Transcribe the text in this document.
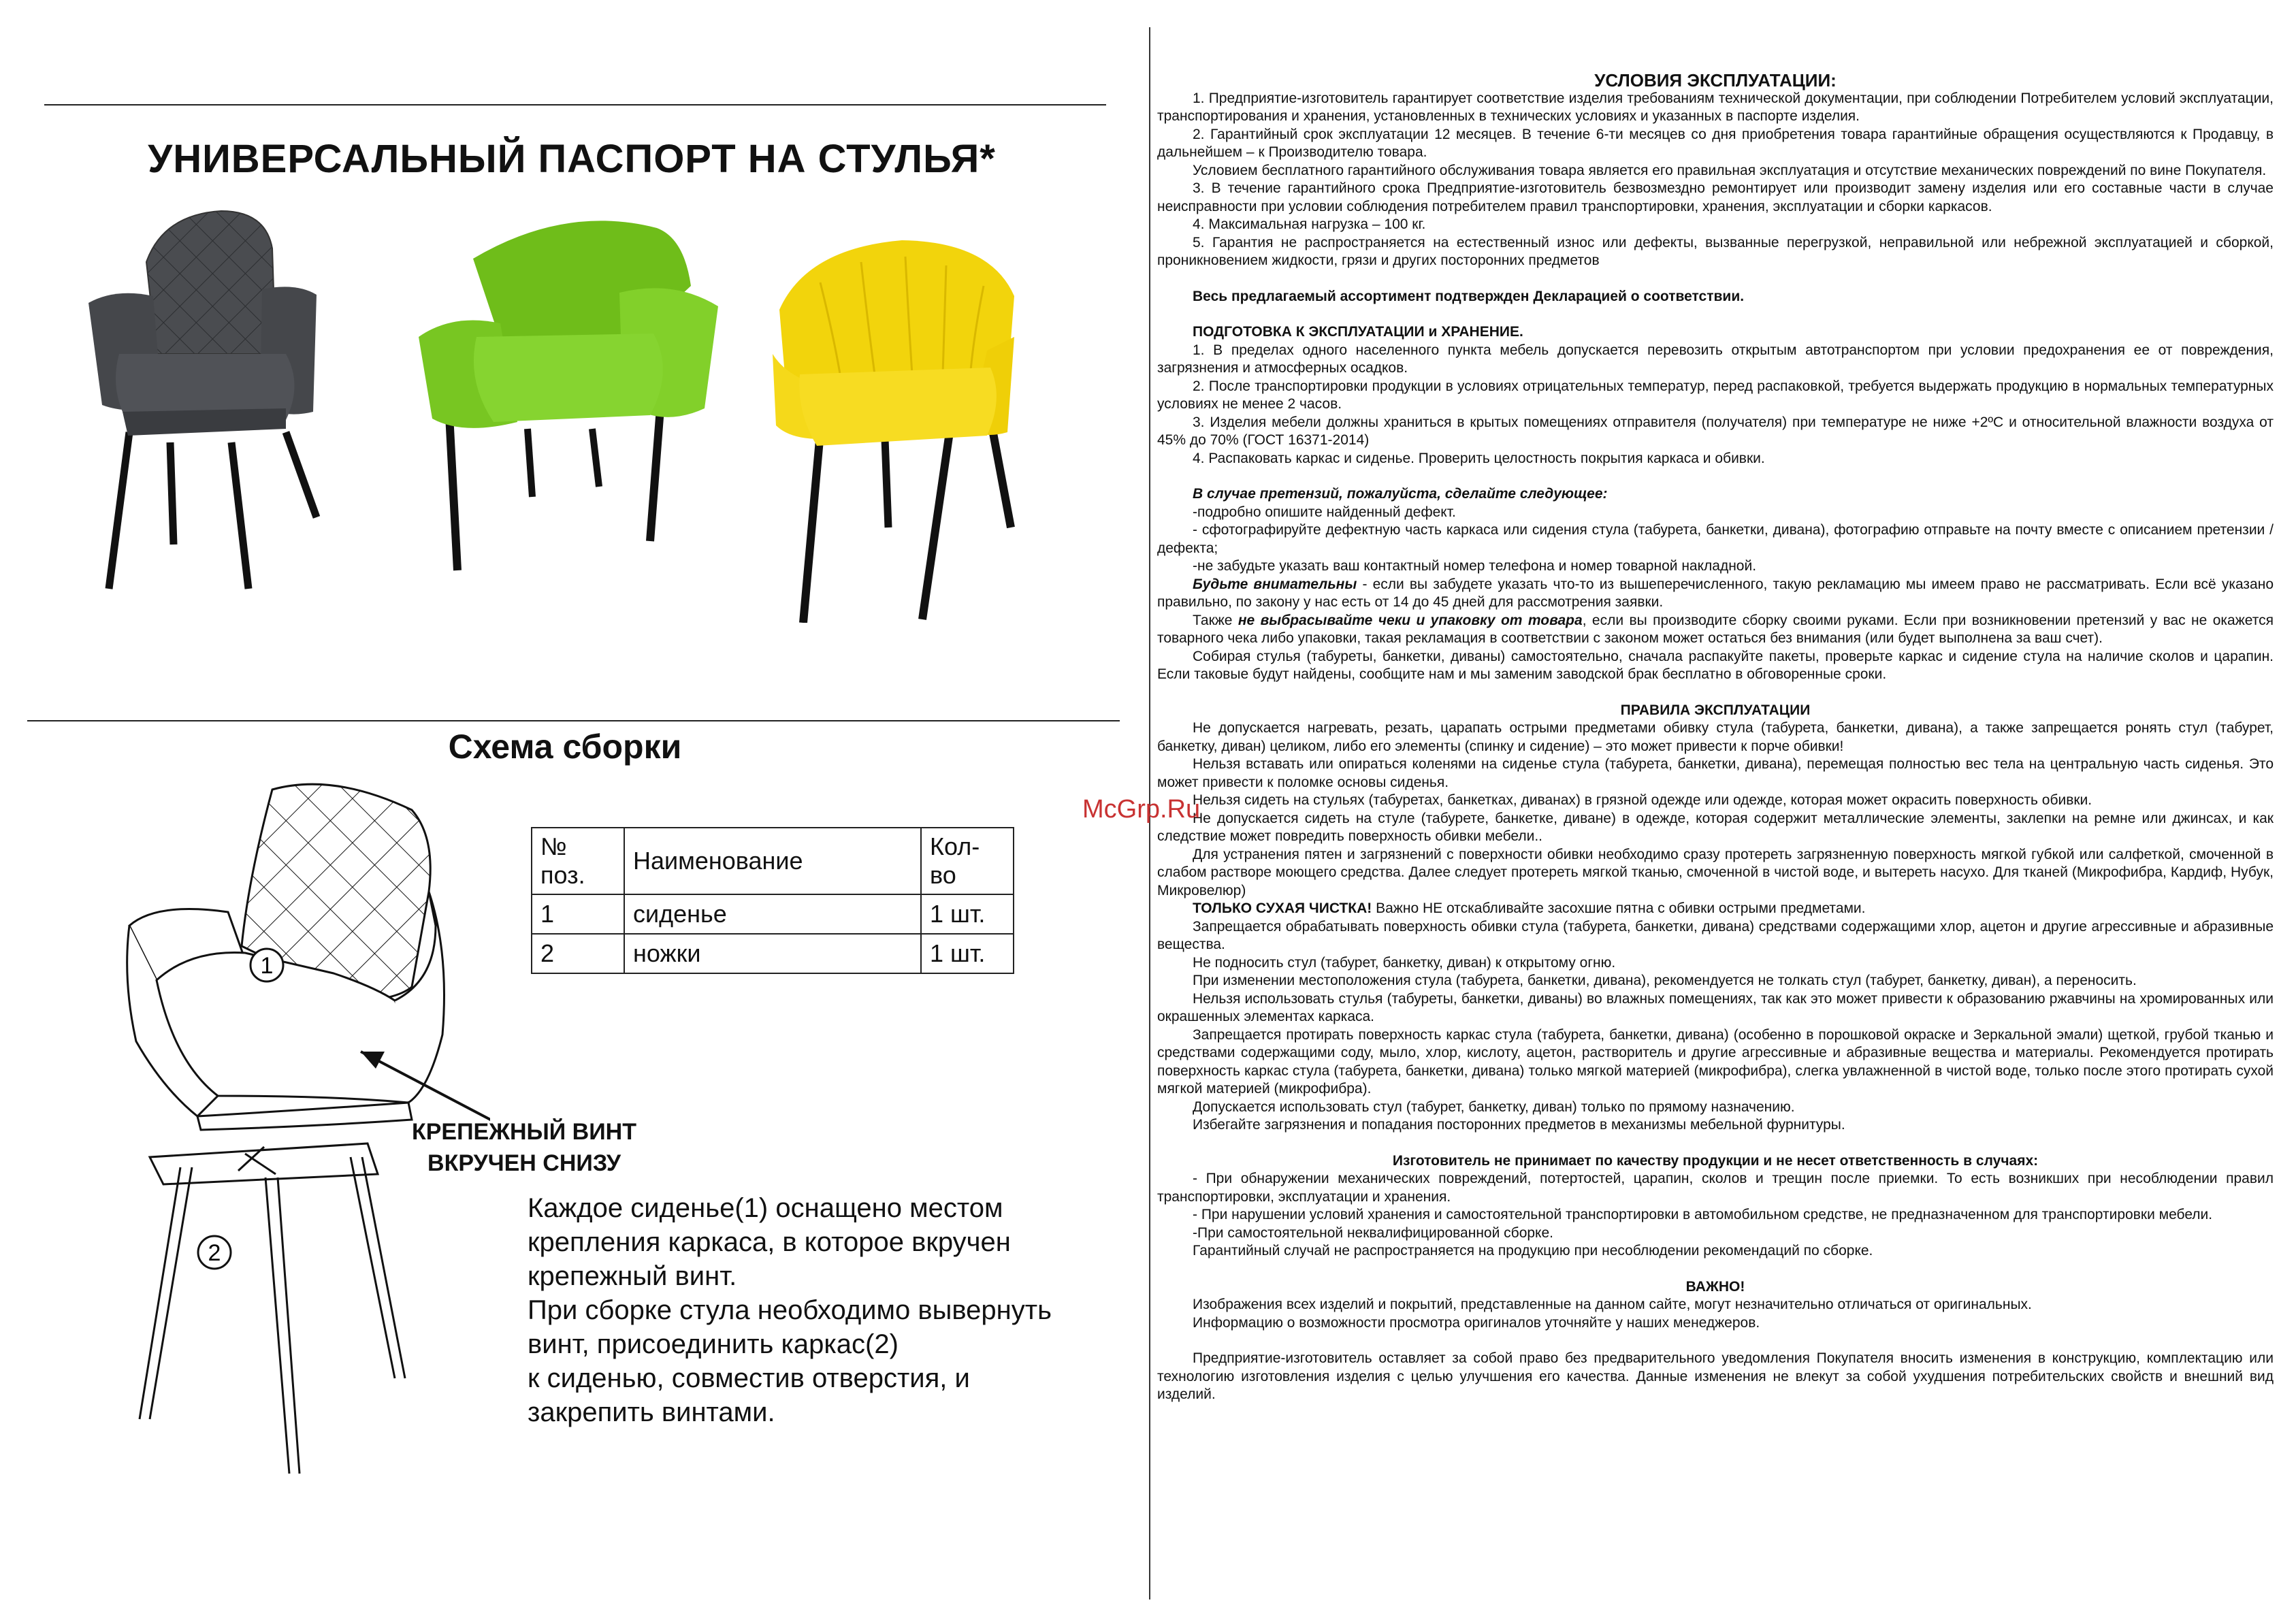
УНИВЕРСАЛЬНЫЙ ПАСПОРТ НА СТУЛЬЯ*
Схема сборки
1
2
№ поз.	Наименование	Кол-во
1	сиденье	1 шт.
2	ножки	1 шт.
КРЕПЕЖНЫЙ ВИНТ
ВКРУЧЕН СНИЗУ
Каждое сиденье(1) оснащено местом
крепления каркаса, в которое вкручен
крепежный винт.
При сборке стула необходимо вывернуть
винт, присоединить каркас(2)
к сиденью, совместив отверстия, и
закрепить винтами.

УСЛОВИЯ ЭКСПЛУАТАЦИИ:

1. Предприятие-изготовитель гарантирует соответствие изделия требованиям технической документации, при соблюдении Потребителем условий эксплуатации, транспортирования и хранения, установленных в технических условиях и указанных в паспорте изделия.

2. Гарантийный срок эксплуатации 12 месяцев. В течение 6-ти месяцев со дня приобретения товара гарантийные обращения осуществляются к Продавцу, в дальнейшем – к Производителю товара.

Условием бесплатного гарантийного обслуживания товара является его правильная эксплуатация и отсутствие механических повреждений по вине Покупателя.

3. В течение гарантийного срока Предприятие-изготовитель безвозмездно ремонтирует или производит замену изделия или его составные части в случае неисправности при условии соблюдения потребителем правил транспортировки, хранения, эксплуатации и сборки каркасов.

4. Максимальная нагрузка – 100 кг.

5. Гарантия не распространяется на естественный износ или дефекты, вызванные перегрузкой, неправильной или небрежной эксплуатацией и сборкой, проникновением жидкости, грязи и других посторонних предметов

Весь предлагаемый ассортимент подтвержден Декларацией о соответствии.

ПОДГОТОВКА К ЭКСПЛУАТАЦИИ и ХРАНЕНИЕ.

1. В пределах одного населенного пункта мебель допускается перевозить открытым автотранспортом при условии предохранения ее от повреждения, загрязнения и атмосферных осадков.

2. После транспортировки продукции в условиях отрицательных температур, перед распаковкой, требуется выдержать продукцию в нормальных температурных условиях не менее 2 часов.

3. Изделия мебели должны храниться в крытых помещениях отправителя (получателя) при температуре не ниже +2ºС и относительной влажности воздуха от 45% до 70% (ГОСТ 16371-2014)

4. Распаковать каркас и сиденье. Проверить целостность покрытия каркаса и обивки.

В случае претензий, пожалуйста, сделайте следующее:

-подробно опишите найденный дефект.

- сфотографируйте дефектную часть каркаса или сидения стула (табурета, банкетки, дивана), фотографию отправьте на почту вместе с описанием претензии / дефекта;

-не забудьте указать ваш контактный номер телефона и номер товарной накладной.

Будьте внимательны - если вы забудете указать что-то из вышеперечисленного, такую рекламацию мы имеем право не рассматривать. Если всё указано правильно, по закону у нас есть от 14 до 45 дней для рассмотрения заявки.

Также не выбрасывайте чеки и упаковку от товара, если вы производите сборку своими руками. Если при возникновении претензий у вас не окажется товарного чека либо упаковки, такая рекламация в соответствии с законом может остаться без внимания (или будет выполнена за ваш счет).

Собирая стулья (табуреты, банкетки, диваны) самостоятельно, сначала распакуйте пакеты, проверьте каркас и сидение стула на наличие сколов и царапин. Если таковые будут найдены, сообщите нам и мы заменим заводской брак бесплатно в обговоренные сроки.

ПРАВИЛА ЭКСПЛУАТАЦИИ

Не допускается нагревать, резать, царапать острыми предметами обивку стула (табурета, банкетки, дивана), а также запрещается ронять стул (табурет, банкетку, диван) целиком, либо его элементы (спинку и сидение) – это может привести к порче обивки!

Нельзя вставать или опираться коленями на сиденье стула (табурета, банкетки, дивана), перемещая полностью вес тела на центральную часть сиденья. Это может привести к поломке основы сиденья.

Нельзя сидеть на стульях (табуретах, банкетках, диванах) в грязной одежде или одежде, которая может окрасить поверхность обивки.

Не допускается сидеть на стуле (табурете, банкетке, диване) в одежде, которая содержит металлические элементы, заклепки на ремне или джинсах, и как следствие может повредить поверхность обивки мебели..

Для устранения пятен и загрязнений с поверхности обивки необходимо сразу протереть загрязненную поверхность мягкой губкой или салфеткой, смоченной в слабом растворе моющего средства. Далее следует протереть мягкой тканью, смоченной в чистой воде, и вытереть насухо. Для тканей (Микрофибра, Кардиф, Нубук, Микровелюр)

ТОЛЬКО СУХАЯ ЧИСТКА! Важно НЕ отскабливайте засохшие пятна с обивки острыми предметами.

Запрещается обрабатывать поверхность обивки стула (табурета, банкетки, дивана) средствами содержащими хлор, ацетон и другие агрессивные и абразивные вещества.

Не подносить стул (табурет, банкетку, диван) к открытому огню.

При изменении местоположения стула (табурета, банкетки, дивана), рекомендуется не толкать стул (табурет, банкетку, диван), а переносить.

Нельзя использовать стулья (табуреты, банкетки, диваны) во влажных помещениях, так как это может привести к образованию ржавчины на хромированных или окрашенных элементах каркаса.

Запрещается протирать поверхность каркас стула (табурета, банкетки, дивана) (особенно в порошковой окраске и Зеркальной эмали) щеткой, грубой тканью и средствами содержащими соду, мыло, хлор, кислоту, ацетон, растворитель и другие агрессивные и абразивные вещества и материалы. Рекомендуется протирать поверхность каркас стула (табурета, банкетки, дивана) только мягкой материей (микрофибра), слегка увлажненной в чистой воде, только после этого протирать сухой мягкой материей (микрофибра).

Допускается использовать стул (табурет, банкетку, диван) только по прямому назначению.

Избегайте загрязнения и попадания посторонних предметов в механизмы мебельной фурнитуры.

Изготовитель не принимает по качеству продукции и не несет ответственность в случаях:

- При обнаружении механических повреждений, потертостей, царапин, сколов и трещин после приемки. То есть возникших при несоблюдении правил транспортировки, эксплуатации и хранения.

- При нарушении условий хранения и самостоятельной транспортировки в автомобильном средстве, не предназначенном для транспортировки мебели.

-При самостоятельной неквалифицированной сборке.

Гарантийный случай не распространяется на продукцию при несоблюдении рекомендаций по сборке.

ВАЖНО!

Изображения всех изделий и покрытий, представленные на данном сайте, могут незначительно отличаться от оригинальных.

Информацию о возможности просмотра оригиналов уточняйте у наших менеджеров.

Предприятие-изготовитель оставляет за собой право без предварительного уведомления Покупателя вносить изменения в конструкцию, комплектацию или технологию изготовления изделия с целью улучшения его качества. Данные изменения не влекут за собой ухудшения потребительских свойств и внешний вид изделий.

McGrp.Ru
